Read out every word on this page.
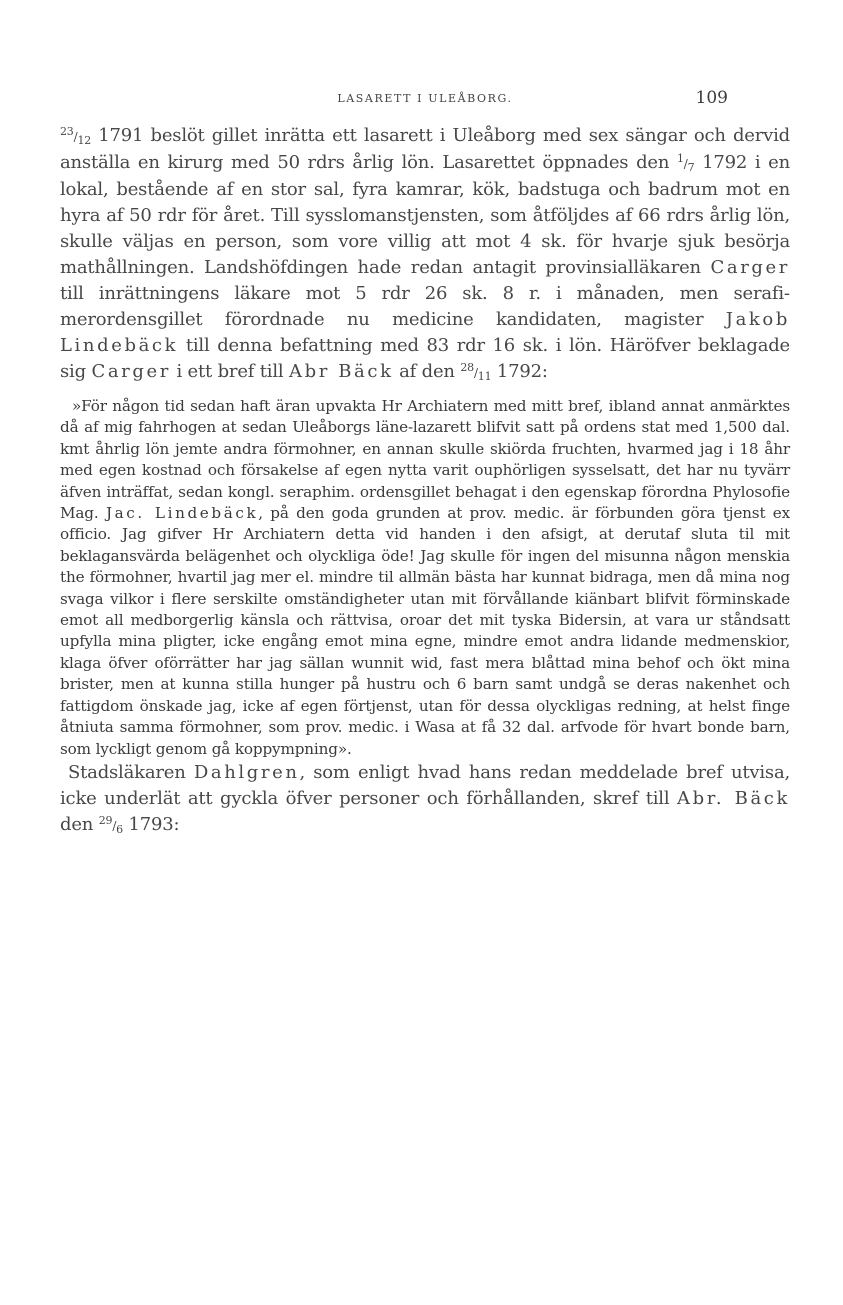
LASARETT I ULEÅBORG.	109

$^{23}/_{12}$ 1791 beslöt gillet inrätta ett lasarett i Uleåborg med sex sängar och dervid anställa en kirurg med 50 rdrs årlig lön. Lasarettet öppnades den $^1/_7$ 1792 i en lokal, bestående af en stor sal, fyra kamrar, kök, badstuga och badrum mot en hyra af 50 rdr för året. Till sysslomanstjensten, som åtföljdes af 66 rdrs årlig lön, skulle väljas en person, som vore villig att mot 4 sk. för hvarje sjuk besörja mathållningen. Landshöfdingen hade redan antagit provinsialläkaren Carger till inrättningens läkare mot 5 rdr 26 sk. 8 r. i månaden, men serafimerordensgillet förordnade nu medicine kandidaten, magister Jakob Lindebäck till denna befattning med 83 rdr 16 sk. i lön. Häröfver beklagade sig Carger i ett bref till Abr Bäck af den $^{28}/_{11}$ 1792:

»För någon tid sedan haft äran upvakta Hr Archiatern med mitt bref, ibland annat anmärktes då af mig fahrhogen at sedan Uleåborgs läne-lazarett blifvit satt på ordens stat med 1,500 dal. kmt åhrlig lön jemte andra förmohner, en annan skulle skiörda fruchten, hvarmed jag i 18 åhr med egen kostnad och försakelse af egen nytta varit ouphörligen sysselsatt, det har nu tyvärr äfven inträffat, sedan kongl. seraphim. ordensgillet behagat i den egenskap förordna Phylosofie Mag. Jac. Lindebäck, på den goda grunden at prov. medic. är förbunden göra tjenst ex officio. Jag gifver Hr Archiatern detta vid handen i den afsigt, at derutaf sluta til mit beklagansvärda belägenhet och olyckliga öde! Jag skulle för ingen del misunna någon menskia the förmohner, hvartil jag mer el. mindre til allmän bästa har kunnat bidraga, men då mina nog svaga vilkor i flere serskilte omständigheter utan mit förvållande kiänbart blifvit förminskade emot all medborgerlig känsla och rättvisa, oroar det mit tyska Bidersin, at vara ur ståndsatt upfylla mina pligter, icke engång emot mina egne, mindre emot andra lidande medmenskior, klaga öfver oförrätter har jag sällan wunnit wid, fast mera blåttad mina behof och ökt mina brister, men at kunna stilla hunger på hustru och 6 barn samt undgå se deras nakenhet och fattigdom önskade jag, icke af egen förtjenst, utan för dessa olyckligas redning, at helst finge åtniuta samma förmohner, som prov. medic. i Wasa at få 32 dal. arfvode för hvart bonde barn, som lyckligt genom gå koppympning».

Stadsläkaren Dahlgren, som enligt hvad hans redan meddelade bref utvisa, icke underlät att gyckla öfver personer och förhållanden, skref till Abr. Bäck den $^{29}/_6$ 1793:
